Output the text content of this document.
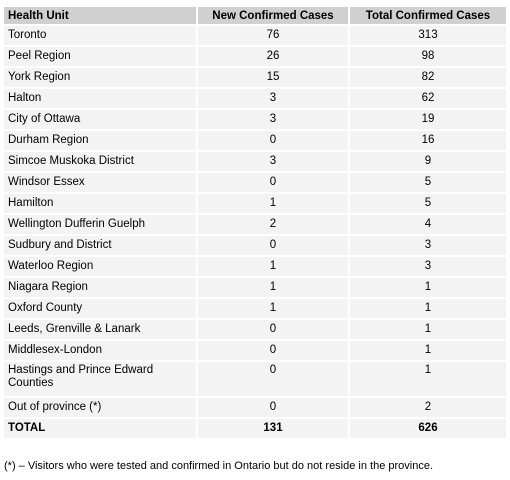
Health Unit	New Confirmed Cases	Total Confirmed Cases
Toronto	76	313
Peel Region	26	98
York Region	15	82
Halton	3	62
City of Ottawa	3	19
Durham Region	0	16
Simcoe Muskoka District	3	9
Windsor Essex	0	5
Hamilton	1	5
Wellington Dufferin Guelph	2	4
Sudbury and District	0	3
Waterloo Region	1	3
Niagara Region	1	1
Oxford County	1	1
Leeds, Grenville & Lanark	0	1
Middlesex-London	0	1
Hastings and Prince Edward Counties	0	1
Out of province (*)	0	2
TOTAL	131	626
(*) – Visitors who were tested and confirmed in Ontario but do not reside in the province.
